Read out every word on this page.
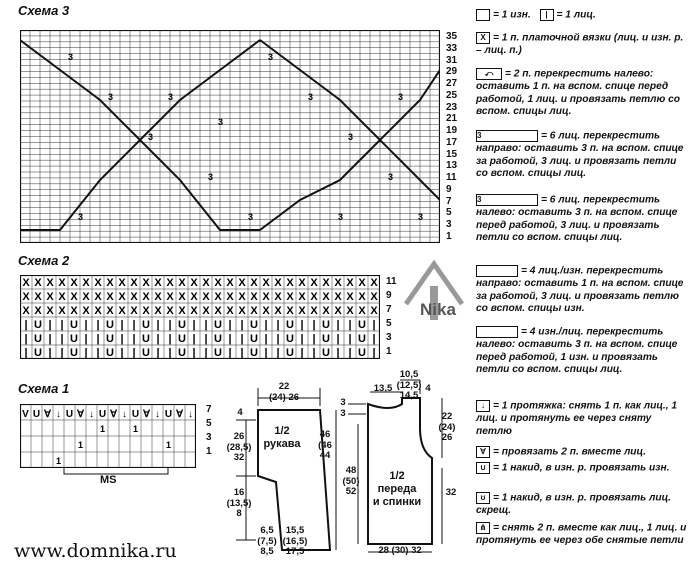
Схема 3
3
3
3
3
3
3
3
3
3
3
3
3	3
3
3
35
33
31
29
27
25
23
21
19
17
15
13
11
9
7
5
3
1
Схема 2
X X X X X X X X X X X X X X X X X X X X X X X X X X X X X X
X X X X X X X X X X X X X X X X X X X X X X X X X X X X X X
X X X X X X X X X X X X X X X X X X X X X X X X X X X X X X
| U | | U | | U | | U | | U | | U | | U | | U | | U | | U |
| U | | U | | U | | U | | U | | U | | U | | U | | U | | U |
| U | | U | | U | | U | | U | | U | | U | | U | | U | | U |
11
9
7
5
3
1
Схема 1
V U ∀ ↓ U ∀ ↓ U ∀ ↓ U ∀ ↓ U ∀ ↓
1
1	1
1
1
7
5
3
1
MS
22
(24) 26
4
26
(28,5)
32
16
(13,5)
8
1/2
рукава
46
(46
44
6,5
(7,5)
8,5
15,5
(16,5)
17,5
13,5
10,5
(12,5)
14,5
4
3
3	22
(24)
26
48
(50)
52
1/2
переда
и спинки
32
28 (30) 32
= 1 изн. | = 1 лиц.
X = 1 п. платочной вязки (лиц. и изн. р. – лиц. п.)
⤺ = 2 п. перекрестить налево: оставить 1 п. на вспом. спице перед работой, 1 лиц. и провязать петлю со вспом. спицы лиц.
3	= 6 лиц. перекрестить направо: оставить 3 п. на вспом. спице за работой, 3 лиц. и провязать петли со вспом. спицы лиц.
3	= 6 лиц. перекрестить налево: оставить 3 п. на вспом. спице перед работой, 3 лиц. и провязать петли со вспом. спицы лиц.
= 4 лиц./изн. перекрестить направо: оставить 1 п. на вспом. спице за работой, 3 лиц. и провязать петлю со вспом. спицы изн.
= 4 изн./лиц. перекрестить налево: оставить 3 п. на вспом. спице перед работой, 1 изн. и провязать петли со вспом. спицы лиц.
↓ = 1 протяжка: снять 1 п. как лиц., 1 лиц. и протянуть ее через сняту петлю
∀ = провязать 2 п. вместе лиц.
∪ = 1 накид, в изн. р. провязать изн.
ʊ = 1 накид, в изн. р. провязать лиц. скрещ.
⋔ = снять 2 п. вместе как лиц., 1 лиц. и протянуть ее через обе снятые петли
www.domnika.ru
Nika
